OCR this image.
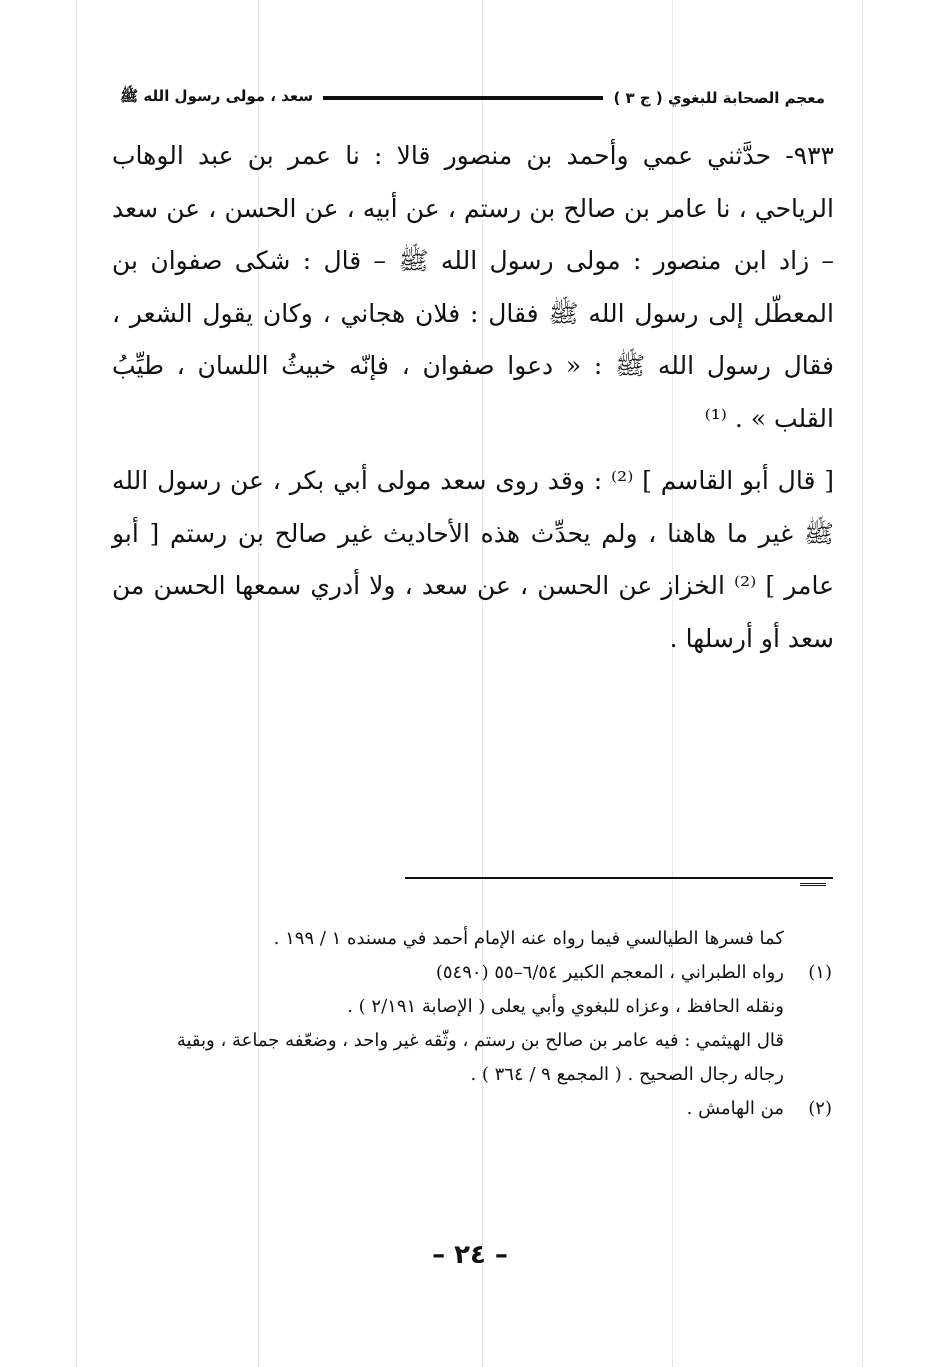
معجم الصحابة للبغوي ( ج ٣ )
سعد ، مولى رسول الله ﷺ

٩٣٣- حدَّثني عمي وأحمد بن منصور قالا : نا عمر بن عبد الوهاب الرياحي ، نا عامر بن صالح بن رستم ، عن أبيه ، عن الحسن ، عن سعد – زاد ابن منصور : مولى رسول الله ﷺ – قال : شكى صفوان بن المعطّل إلى رسول الله ﷺ فقال : فلان هجاني ، وكان يقول الشعر ، فقال رسول الله ﷺ : « دعوا صفوان ، فإنّه خبيثُ اللسان ، طيِّبُ القلب » . ⁽¹⁾

[ قال أبو القاسم ] ⁽²⁾ : وقد روى سعد مولى أبي بكر ، عن رسول الله ﷺ غير ما هاهنا ، ولم يحدِّث هذه الأحاديث غير صالح بن رستم [ أبو عامر ] ⁽²⁾ الخزاز عن الحسن ، عن سعد ، ولا أدري سمعها الحسن من سعد أو أرسلها .

كما فسرها الطيالسي فيما رواه عنه الإمام أحمد في مسنده ١ / ١٩٩ .
(١)
رواه الطبراني ، المعجم الكبير ٦/٥٤–٥٥ (٥٤٩٠)
ونقله الحافظ ، وعزاه للبغوي وأبي يعلى ( الإصابة ٢/١٩١ ) .
قال الهيثمي : فيه عامر بن صالح بن رستم ، وثّقه غير واحد ، وضعّفه جماعة ، وبقية
رجاله رجال الصحيح . ( المجمع ٩ / ٣٦٤ ) .
(٢)
من الهامش .
– ٢٤ –
